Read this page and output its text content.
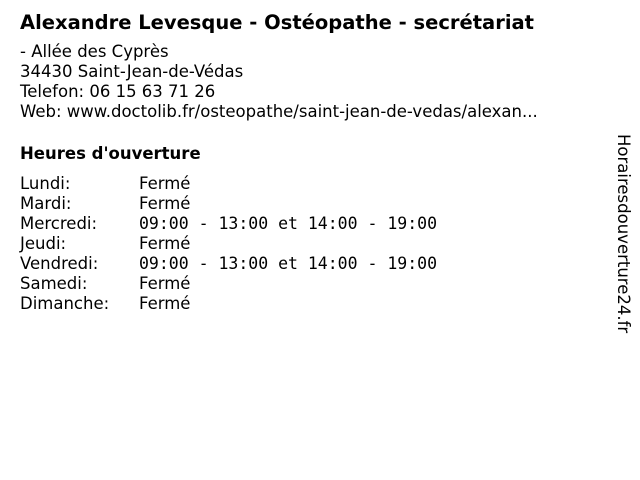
Alexandre Levesque - Ostéopathe - secrétariat
- Allée des Cyprès
34430 Saint-Jean-de-Védas
Telefon: 06 15 63 71 26
Web: www.doctolib.fr/osteopathe/saint-jean-de-vedas/alexan...
Heures d'ouverture
Lundi:	Fermé
Mardi:	Fermé
Mercredi:	09:00 - 13:00 et 14:00 - 19:00
Jeudi:	Fermé
Vendredi:	09:00 - 13:00 et 14:00 - 19:00
Samedi:	Fermé
Dimanche:	Fermé	Horairesdouverture24.fr
